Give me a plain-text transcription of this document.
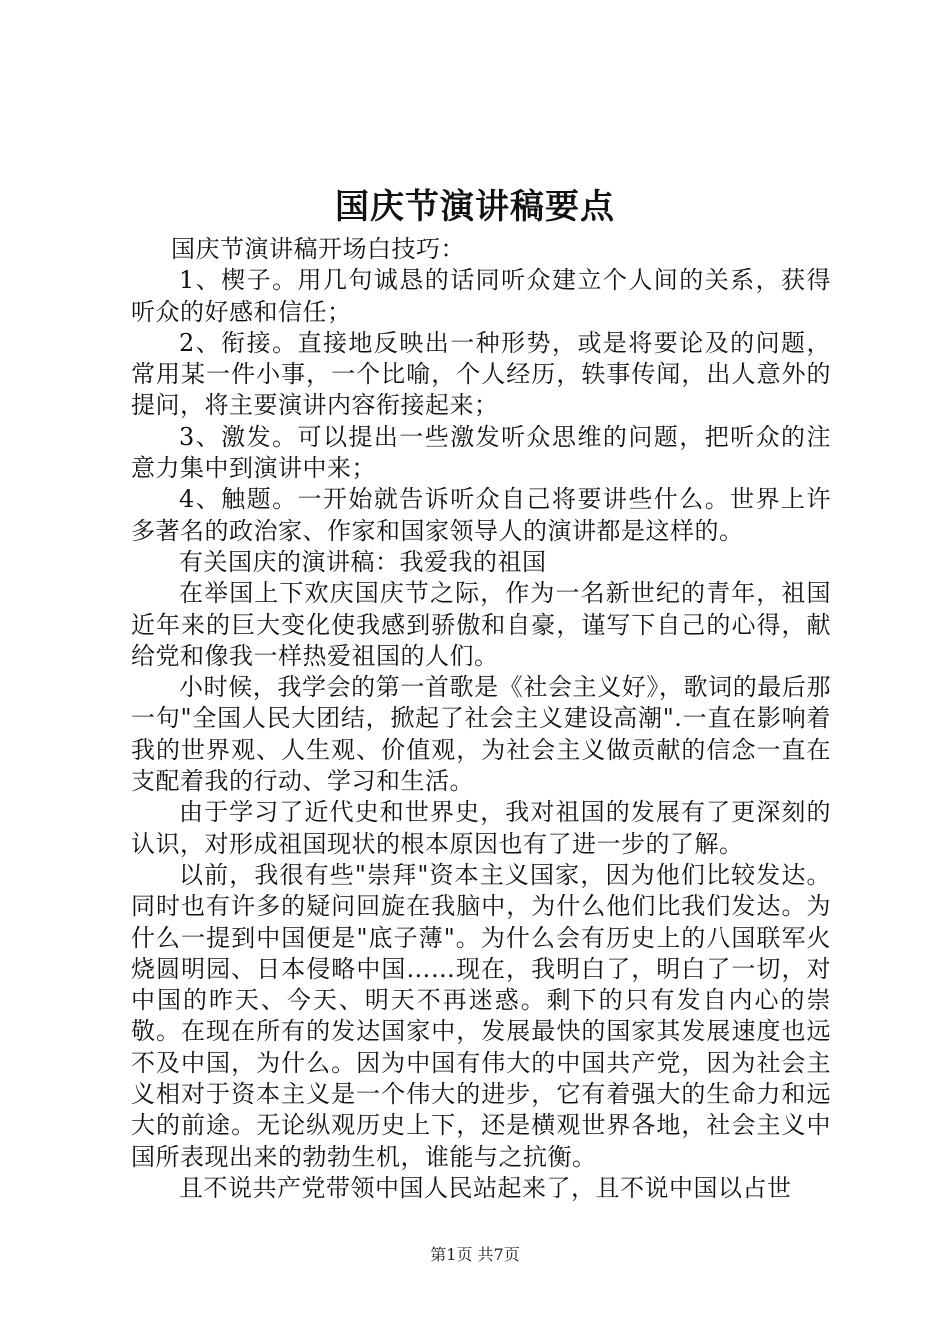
国庆节演讲稿要点

国庆节演讲稿开场白技巧：

1、楔子。用几句诚恳的话同听众建立个人间的关系，获得听众的好感和信任；

2、衔接。直接地反映出一种形势，或是将要论及的问题，常用某一件小事，一个比喻，个人经历，轶事传闻，出人意外的提问，将主要演讲内容衔接起来；

3、激发。可以提出一些激发听众思维的问题，把听众的注意力集中到演讲中来；

4、触题。一开始就告诉听众自己将要讲些什么。世界上许多著名的政治家、作家和国家领导人的演讲都是这样的。

有关国庆的演讲稿：我爱我的祖国

在举国上下欢庆国庆节之际，作为一名新世纪的青年，祖国近年来的巨大变化使我感到骄傲和自豪，谨写下自己的心得，献给党和像我一样热爱祖国的人们。

小时候，我学会的第一首歌是《社会主义好》，歌词的最后那一句"全国人民大团结，掀起了社会主义建设高潮".一直在影响着我的世界观、人生观、价值观，为社会主义做贡献的信念一直在支配着我的行动、学习和生活。

由于学习了近代史和世界史，我对祖国的发展有了更深刻的认识，对形成祖国现状的根本原因也有了进一步的了解。

以前，我很有些"崇拜"资本主义国家，因为他们比较发达。同时也有许多的疑问回旋在我脑中，为什么他们比我们发达。为什么一提到中国便是"底子薄"。为什么会有历史上的八国联军火烧圆明园、日本侵略中国……现在，我明白了，明白了一切，对中国的昨天、今天、明天不再迷惑。剩下的只有发自内心的崇敬。在现在所有的发达国家中，发展最快的国家其发展速度也远不及中国，为什么。因为中国有伟大的中国共产党，因为社会主义相对于资本主义是一个伟大的进步，它有着强大的生命力和远大的前途。无论纵观历史上下，还是横观世界各地，社会主义中国所表现出来的勃勃生机，谁能与之抗衡。

且不说共产党带领中国人民站起来了，且不说中国以占世

第1页 共7页
